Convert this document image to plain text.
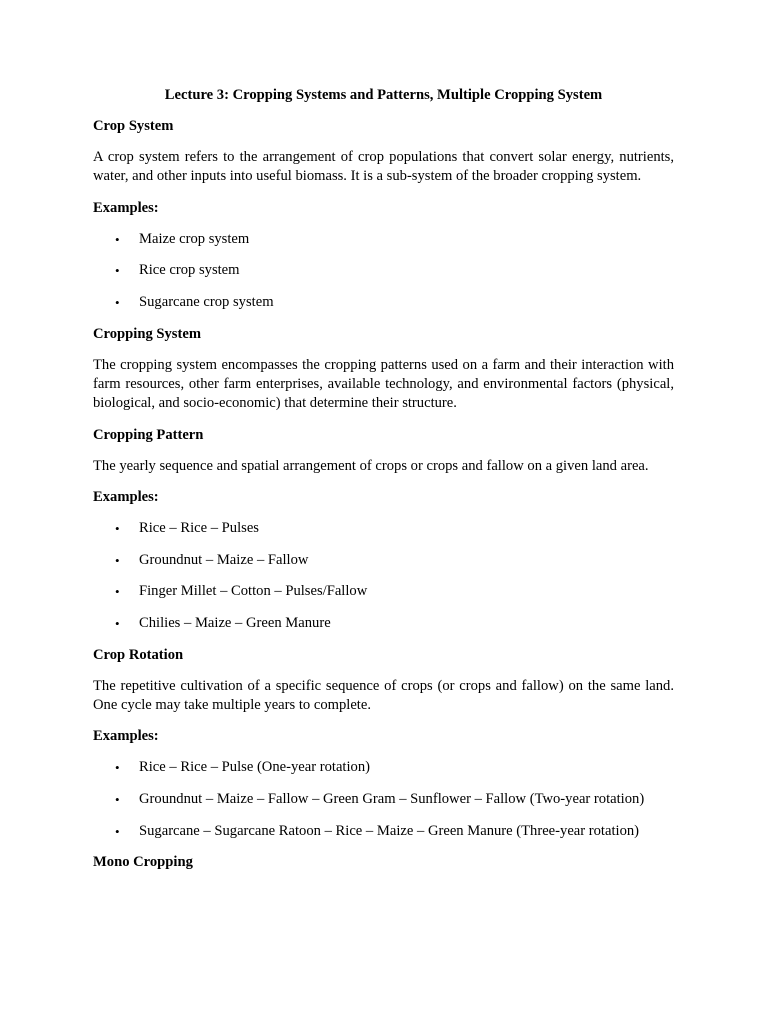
Lecture 3: Cropping Systems and Patterns, Multiple Cropping System
Crop System
A crop system refers to the arrangement of crop populations that convert solar energy, nutrients, water, and other inputs into useful biomass. It is a sub-system of the broader cropping system.
Examples:
• Maize crop system
• Rice crop system
• Sugarcane crop system
Cropping System
The cropping system encompasses the cropping patterns used on a farm and their interaction with farm resources, other farm enterprises, available technology, and environmental factors (physical, biological, and socio-economic) that determine their structure.
Cropping Pattern
The yearly sequence and spatial arrangement of crops or crops and fallow on a given land area.
Examples:
• Rice – Rice – Pulses
• Groundnut – Maize – Fallow
• Finger Millet – Cotton – Pulses/Fallow
• Chilies – Maize – Green Manure
Crop Rotation
The repetitive cultivation of a specific sequence of crops (or crops and fallow) on the same land. One cycle may take multiple years to complete.
Examples:
• Rice – Rice – Pulse (One-year rotation)
• Groundnut – Maize – Fallow – Green Gram – Sunflower – Fallow (Two-year rotation)
• Sugarcane – Sugarcane Ratoon – Rice – Maize – Green Manure (Three-year rotation)
Mono Cropping
